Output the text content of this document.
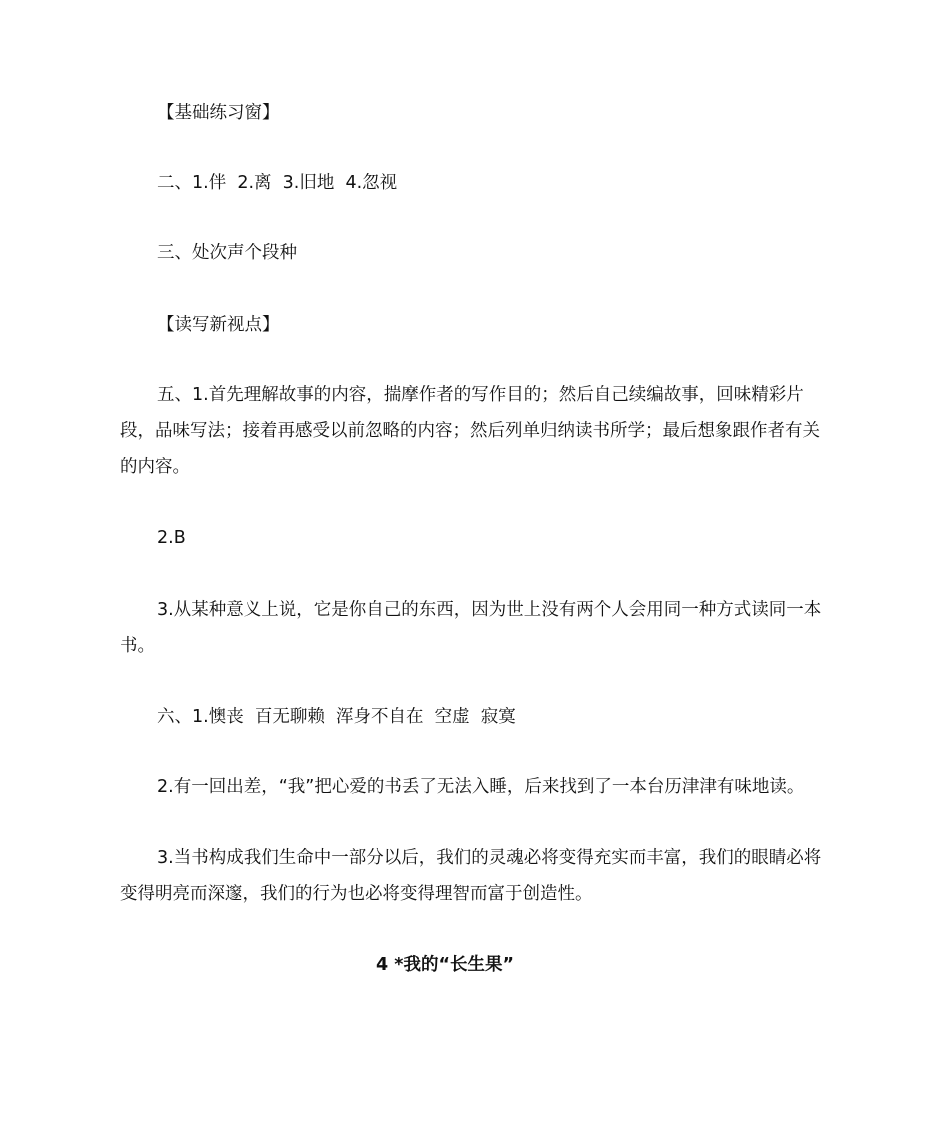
【基础练习窗】

二、1.伴  2.离  3.旧地  4.忽视

三、处次声个段种

【读写新视点】

五、1.首先理解故事的内容，揣摩作者的写作目的；然后自己续编故事，回味精彩片段，品味写法；接着再感受以前忽略的内容；然后列单归纳读书所学；最后想象跟作者有关的内容。

2.B

3.从某种意义上说，它是你自己的东西，因为世上没有两个人会用同一种方式读同一本书。

六、1.懊丧  百无聊赖  浑身不自在  空虚  寂寞

2.有一回出差，“我”把心爱的书丢了无法入睡，后来找到了一本台历津津有味地读。

3.当书构成我们生命中一部分以后，我们的灵魂必将变得充实而丰富，我们的眼睛必将变得明亮而深邃，我们的行为也必将变得理智而富于创造性。

4 *我的“长生果”
